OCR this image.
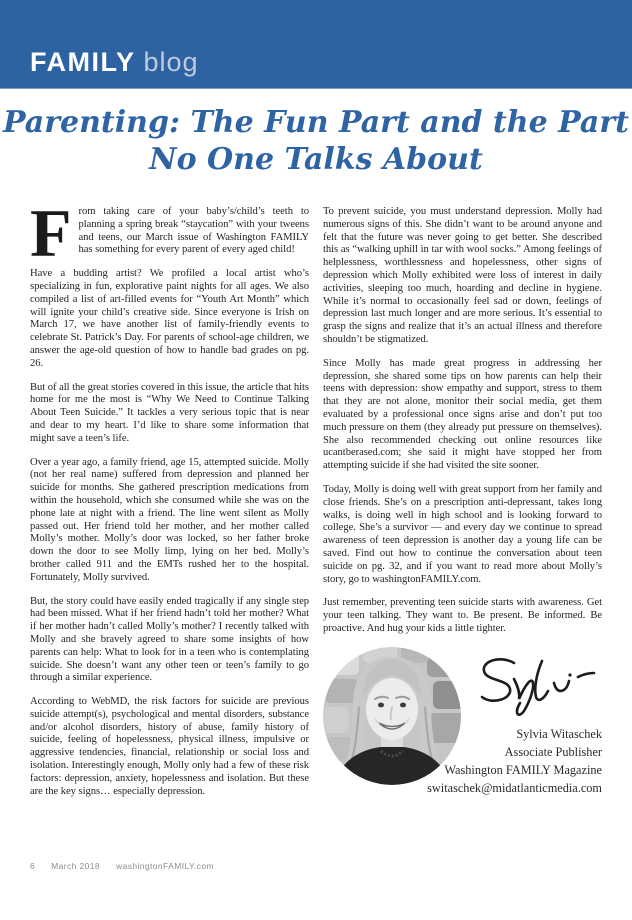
FAMILY blog
Parenting: The Fun Part and the Part
No One Talks About

From taking care of your baby’s/child’s teeth to planning a spring break “staycation” with your tweens and teens, our March issue of Washington FAMILY has something for every parent of every aged child!

Have a budding artist? We profiled a local artist who’s specializing in fun, explorative paint nights for all ages. We also compiled a list of art-filled events for “Youth Art Month” which will ignite your child’s creative side. Since everyone is Irish on March 17, we have another list of family-friendly events to celebrate St. Patrick’s Day. For parents of school-age children, we answer the age-old question of how to handle bad grades on pg. 26.

But of all the great stories covered in this issue, the article that hits home for me the most is “Why We Need to Continue Talking About Teen Suicide.” It tackles a very serious topic that is near and dear to my heart. I’d like to share some information that might save a teen’s life.

Over a year ago, a family friend, age 15, attempted suicide. Molly (not her real name) suffered from depression and planned her suicide for months. She gathered prescription medications from within the household, which she consumed while she was on the phone late at night with a friend. The line went silent as Molly passed out. Her friend told her mother, and her mother called Molly’s mother. Molly’s door was locked, so her father broke down the door to see Molly limp, lying on her bed. Molly’s brother called 911 and the EMTs rushed her to the hospital. Fortunately, Molly survived.

But, the story could have easily ended tragically if any single step had been missed. What if her friend hadn’t told her mother? What if her mother hadn’t called Molly’s mother? I recently talked with Molly and she bravely agreed to share some insights of how parents can help: What to look for in a teen who is contemplating suicide. She doesn’t want any other teen or teen’s family to go through a similar experience.

According to WebMD, the risk factors for suicide are previous suicide attempt(s), psychological and mental disorders, substance and/or alcohol disorders, history of abuse, family history of suicide, feeling of hopelessness, physical illness, impulsive or aggressive tendencies, financial, relationship or social loss and isolation. Interestingly enough, Molly only had a few of these risk factors: depression, anxiety, hopelessness and isolation. But these are the key signs… especially depression.

To prevent suicide, you must understand depression. Molly had numerous signs of this. She didn’t want to be around anyone and felt that the future was never going to get better. She described this as “walking uphill in tar with wool socks.” Among feelings of helplessness, worthlessness and hopelessness, other signs of depression which Molly exhibited were loss of interest in daily activities, sleeping too much, hoarding and decline in hygiene. While it’s normal to occasionally feel sad or down, feelings of depression last much longer and are more serious. It’s essential to grasp the signs and realize that it’s an actual illness and therefore shouldn’t be stigmatized.

Since Molly has made great progress in addressing her depression, she shared some tips on how parents can help their teens with depression: show empathy and support, stress to them that they are not alone, monitor their social media, get them evaluated by a professional once signs arise and don’t put too much pressure on them (they already put pressure on themselves). She also recommended checking out online resources like ucantberased.com; she said it might have stopped her from attempting suicide if she had visited the site sooner.

Today, Molly is doing well with great support from her family and close friends. She’s on a prescription anti-depressant, takes long walks, is doing well in high school and is looking forward to college. She’s a survivor — and every day we continue to spread awareness of teen depression is another day a young life can be saved. Find out how to continue the conversation about teen suicide on pg. 32, and if you want to read more about Molly’s story, go to washingtonFAMILY.com.

Just remember, preventing teen suicide starts with awareness. Get your teen talking. They want to. Be present. Be informed. Be proactive. And hug your kids a little tighter.

Sylvia Witaschek
Associate Publisher
Washington FAMILY Magazine
switaschek@midatlanticmedia.com
6 March 2018 washingtonFAMILY.com
